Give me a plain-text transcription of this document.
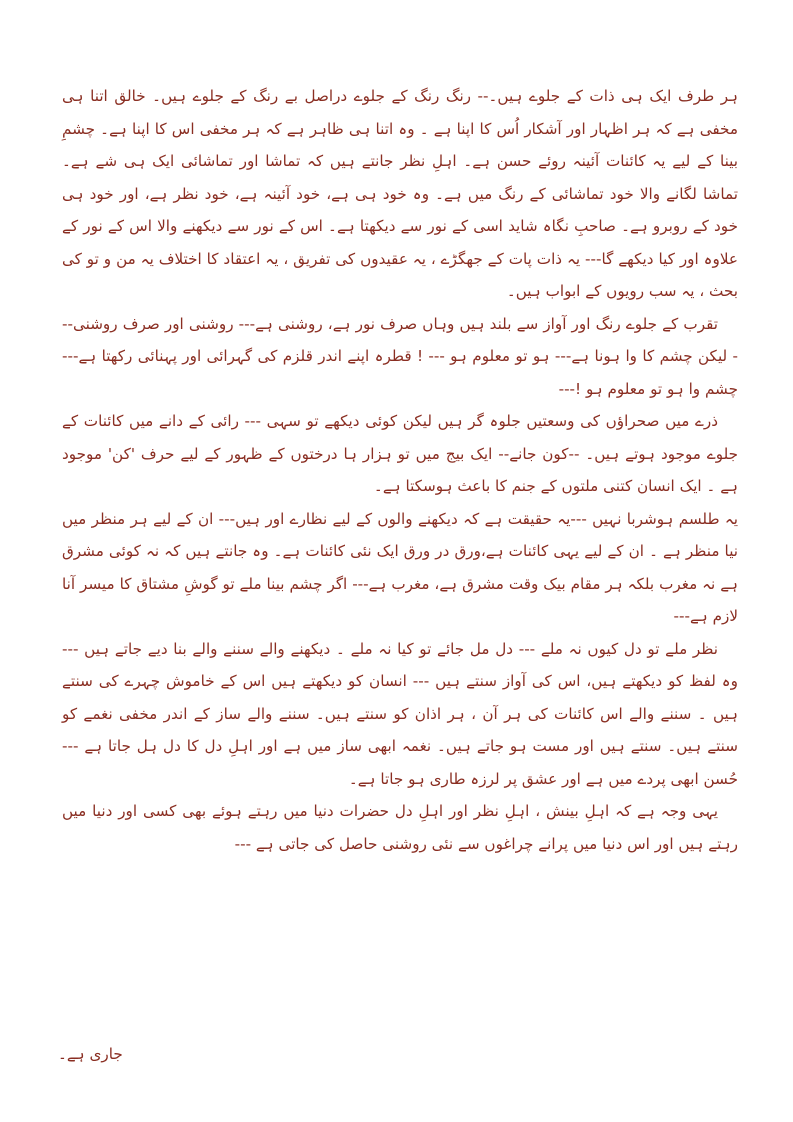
ہر طرف ایک ہی ذات کے جلوے ہیں۔-- رنگ رنگ کے جلوے دراصل بے رنگ کے جلوے ہیں۔ خالق اتنا ہی مخفی ہے کہ ہر اظہار اور آشکار اُس کا اپنا ہے ۔ وہ اتنا ہی ظاہر ہے کہ ہر مخفی اس کا اپنا ہے۔ چشمِ بینا کے لیے یہ کائنات آئینہ روئے حسن ہے۔ اہلِ نظر جانتے ہیں کہ تماشا اور تماشائی ایک ہی شے ہے۔ تماشا لگانے والا خود تماشائی کے رنگ میں ہے۔ وہ خود ہی ہے، خود آئینہ ہے، خود نظر ہے، اور خود ہی خود کے روبرو ہے۔ صاحبِ نگاہ شاید اسی کے نور سے دیکھتا ہے۔ اس کے نور سے دیکھنے والا اس کے نور کے علاوہ اور کیا دیکھے گا--- یہ ذات پات کے جھگڑے ، یہ عقیدوں کی تفریق ، یہ اعتقاد کا اختلاف یہ من و تو کی بحث ، یہ سب رویوں کے ابواب ہیں۔

تقرب کے جلوے رنگ اور آواز سے بلند ہیں وہاں صرف نور ہے، روشنی ہے--- روشنی اور صرف روشنی--- لیکن چشم کا وا ہونا ہے--- ہو تو معلوم ہو --- ! قطرہ اپنے اندر قلزم کی گہرائی اور پہنائی رکھتا ہے--- چشم وا ہو تو معلوم ہو !---

ذرے میں صحراؤں کی وسعتیں جلوہ گر ہیں لیکن کوئی دیکھے تو سہی --- رائی کے دانے میں کائنات کے جلوے موجود ہوتے ہیں۔ --کون جانے-- ایک بیج میں تو ہزار ہا درختوں کے ظہور کے لیے حرف 'کن' موجود ہے ۔ ایک انسان کتنی ملتوں کے جنم کا باعث ہوسکتا ہے۔

یہ طلسم ہوشربا نہیں ---یہ حقیقت ہے کہ دیکھنے والوں کے لیے نظارے اور ہیں--- ان کے لیے ہر منظر میں نیا منظر ہے ۔ ان کے لیے یہی کائنات ہے،ورق در ورق ایک نئی کائنات ہے۔ وہ جانتے ہیں کہ نہ کوئی مشرق ہے نہ مغرب بلکہ ہر مقام بیک وقت مشرق ہے، مغرب ہے--- اگر چشم بینا ملے تو گوشِ مشتاق کا میسر آنا لازم ہے---

نظر ملے تو دل کیوں نہ ملے --- دل مل جائے تو کیا نہ ملے ۔ دیکھنے والے سننے والے بنا دیے جاتے ہیں --- وہ لفظ کو دیکھتے ہیں، اس کی آواز سنتے ہیں --- انسان کو دیکھتے ہیں اس کے خاموش چہرے کی سنتے ہیں ۔ سننے والے اس کائنات کی ہر آن ، ہر اذان کو سنتے ہیں۔ سننے والے ساز کے اندر مخفی نغمے کو سنتے ہیں۔ سنتے ہیں اور مست ہو جاتے ہیں۔ نغمہ ابھی ساز میں ہے اور اہلِ دل کا دل ہل جاتا ہے --- حُسن ابھی پردے میں ہے اور عشق پر لرزہ طاری ہو جاتا ہے۔

یہی وجہ ہے کہ اہلِ بینش ، اہلِ نظر اور اہلِ دل حضرات دنیا میں رہتے ہوئے بھی کسی اور دنیا میں رہتے ہیں اور اس دنیا میں پرانے چراغوں سے نئی روشنی حاصل کی جاتی ہے ---

جاری ہے۔
